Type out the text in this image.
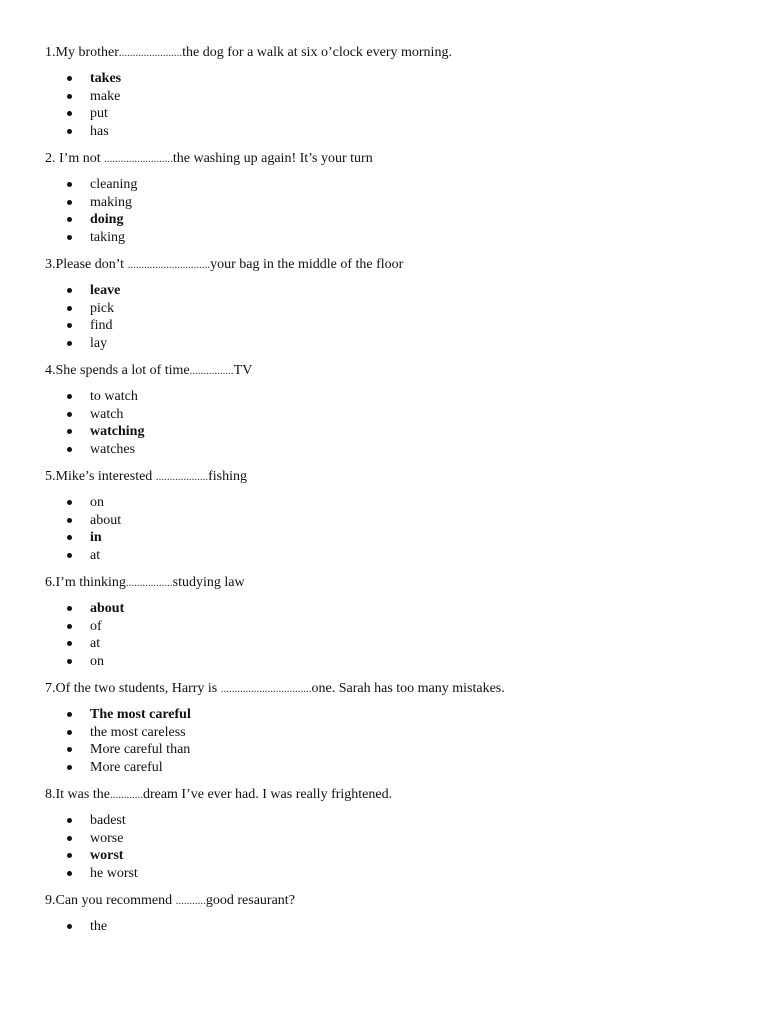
1.My brother.......................the dog for a walk at six o’clock every morning.

takes
make
put
has

2. I’m not .........................the washing up again! It’s your turn

cleaning
making
doing
taking

3.Please don’t ..............................your bag in the middle of the floor

leave
pick
find
lay

4.She spends a lot of time................TV

to watch
watch
watching
watches

5.Mike’s interested ...................fishing

on
about
in
at

6.I’m thinking.................studying law

about
of
at
on

7.Of the two students, Harry is .................................one. Sarah has too many mistakes.

The most careful
the most careless
More careful than
More careful

8.It was the............dream I’ve ever had. I was really frightened.

badest
worse
worst
he worst

9.Can you recommend ...........good resaurant?

the
